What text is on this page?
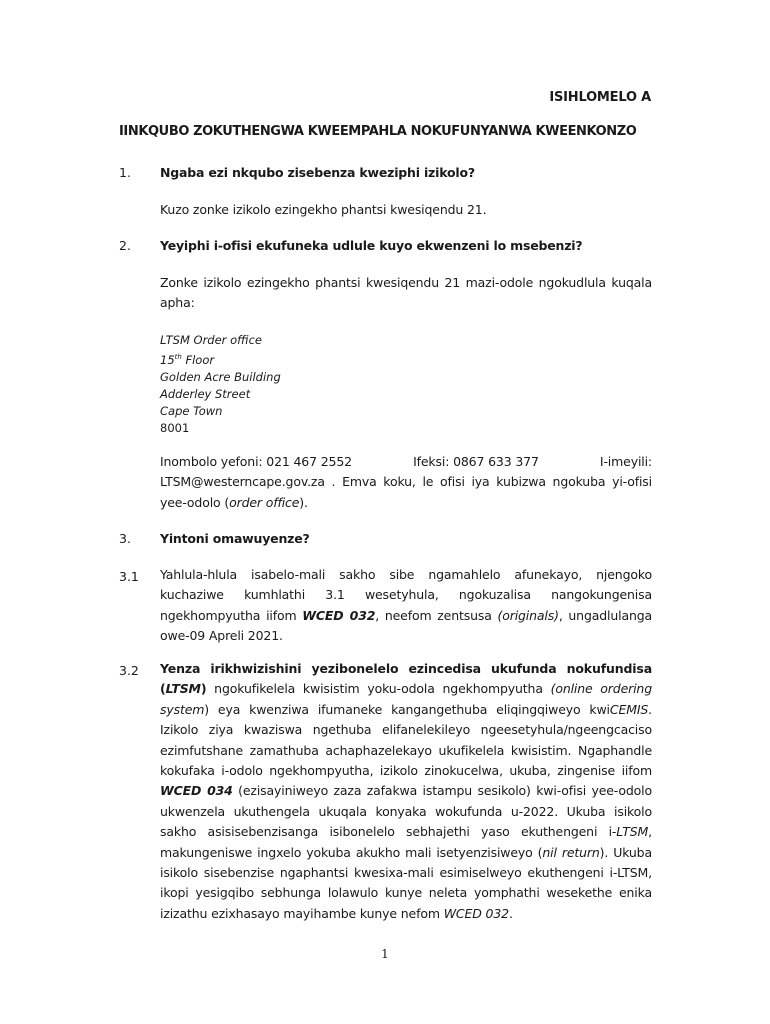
ISIHLOMELO A
IINKQUBO ZOKUTHENGWA KWEEMPAHLA NOKUFUNYANWA KWEENKONZO
1. Ngaba ezi nkqubo zisebenza kweziphi izikolo?
Kuzo zonke izikolo ezingekho phantsi kwesiqendu 21.
2. Yeyiphi i-ofisi ekufuneka udlule kuyo ekwenzeni lo msebenzi?
Zonke izikolo ezingekho phantsi kwesiqendu 21 mazi-odole ngokudlula kuqala apha:
LTSM Order office
15th Floor
Golden Acre Building
Adderley Street
Cape Town
8001
Inombolo yefoni: 021 467 2552	Ifeksi: 0867 633 377	I-imeyili:
LTSM@westerncape.gov.za . Emva koku, le ofisi iya kubizwa ngokuba yi-ofisi yee-odolo (order office).
3. Yintoni omawuyenze?
3.1 Yahlula-hlula isabelo-mali sakho sibe ngamahlelo afunekayo, njengoko kuchaziwe kumhlathi 3.1 wesetyhula, ngokuzalisa nangokungenisa ngekhompyutha iifom WCED 032, neefom zentsusa (originals), ungadlulanga owe-09 Apreli 2021.
3.2 Yenza irikhwizishini yezibonelelo ezincedisa ukufunda nokufundisa (LTSM) ngokufikelela kwisistim yoku-odola ngekhompyutha (online ordering system) eya kwenziwa ifumaneke kangangethuba eliqingqiweyo kwiCEMIS. Izikolo ziya kwaziswa ngethuba elifanelekileyo ngeesetyhula/ngeengcaciso ezimfutshane zamathuba achaphazelekayo ukufikelela kwisistim. Ngaphandle kokufaka i-odolo ngekhompyutha, izikolo zinokucelwa, ukuba, zingenise iifom WCED 034 (ezisayiniweyo zaza zafakwa istampu sesikolo) kwi-ofisi yee-odolo ukwenzela ukuthengela ukuqala konyaka wokufunda u-2022. Ukuba isikolo sakho asisisebenzisanga isibonelelo sebhajethi yaso ekuthengeni i-LTSM, makungeniswe ingxelo yokuba akukho mali isetyenzisiweyo (nil return). Ukuba isikolo sisebenzise ngaphantsi kwesixa-mali esimiselweyo ekuthengeni i-LTSM, ikopi yesigqibo sebhunga lolawulo kunye neleta yomphathi wesekethe enika izizathu ezixhasayo mayihambe kunye nefom WCED 032.
1
